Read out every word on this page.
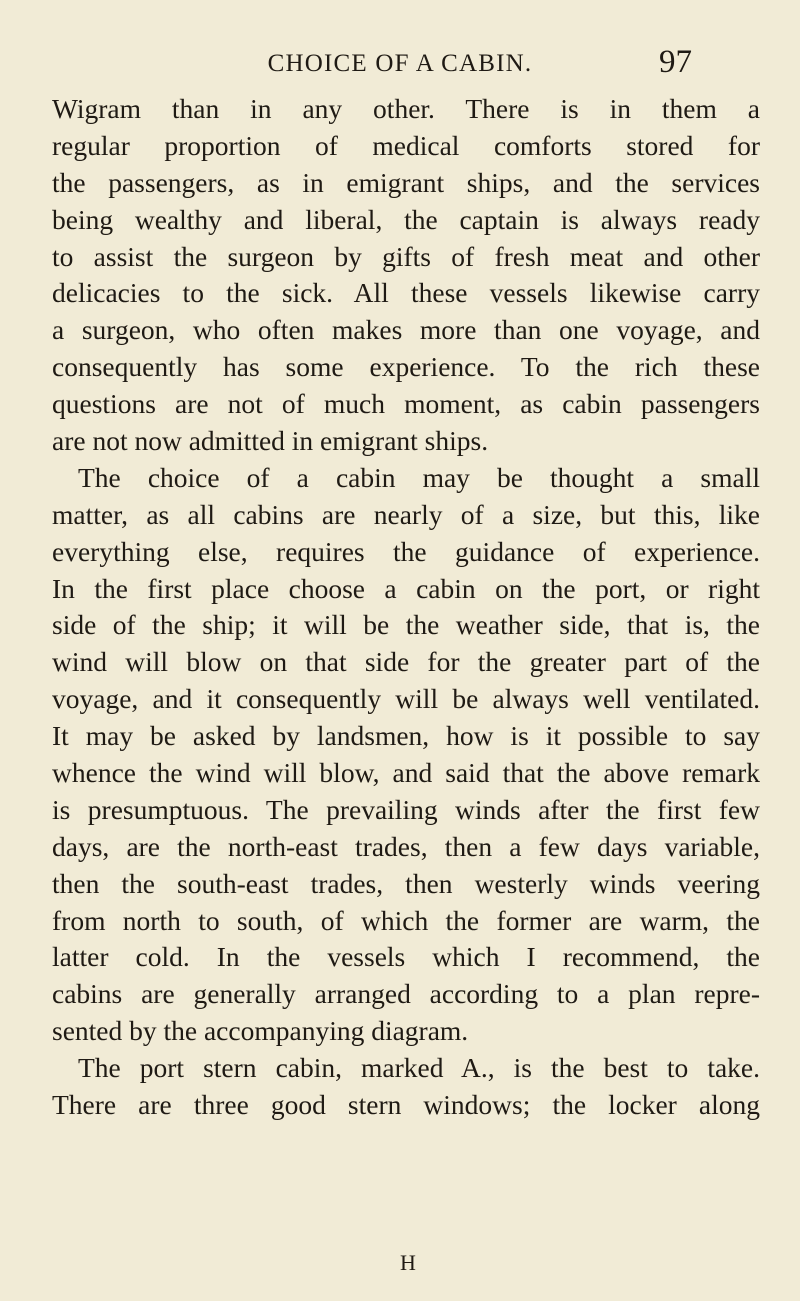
CHOICE OF A CABIN.	97
Wigram than in any other. There is in them a
regular proportion of medical comforts stored for
the passengers, as in emigrant ships, and the services
being wealthy and liberal, the captain is always ready
to assist the surgeon by gifts of fresh meat and other
delicacies to the sick. All these vessels likewise carry
a surgeon, who often makes more than one voyage, and
consequently has some experience. To the rich these
questions are not of much moment, as cabin passengers
are not now admitted in emigrant ships.
The choice of a cabin may be thought a small
matter, as all cabins are nearly of a size, but this, like
everything else, requires the guidance of experience.
In the first place choose a cabin on the port, or right
side of the ship; it will be the weather side, that is, the
wind will blow on that side for the greater part of the
voyage, and it consequently will be always well ventilated.
It may be asked by landsmen, how is it possible to say
whence the wind will blow, and said that the above remark
is presumptuous. The prevailing winds after the first few
days, are the north-east trades, then a few days variable,
then the south-east trades, then westerly winds veering
from north to south, of which the former are warm, the
latter cold. In the vessels which I recommend, the
cabins are generally arranged according to a plan repre-
sented by the accompanying diagram.
The port stern cabin, marked A., is the best to take.
There are three good stern windows; the locker along
H
